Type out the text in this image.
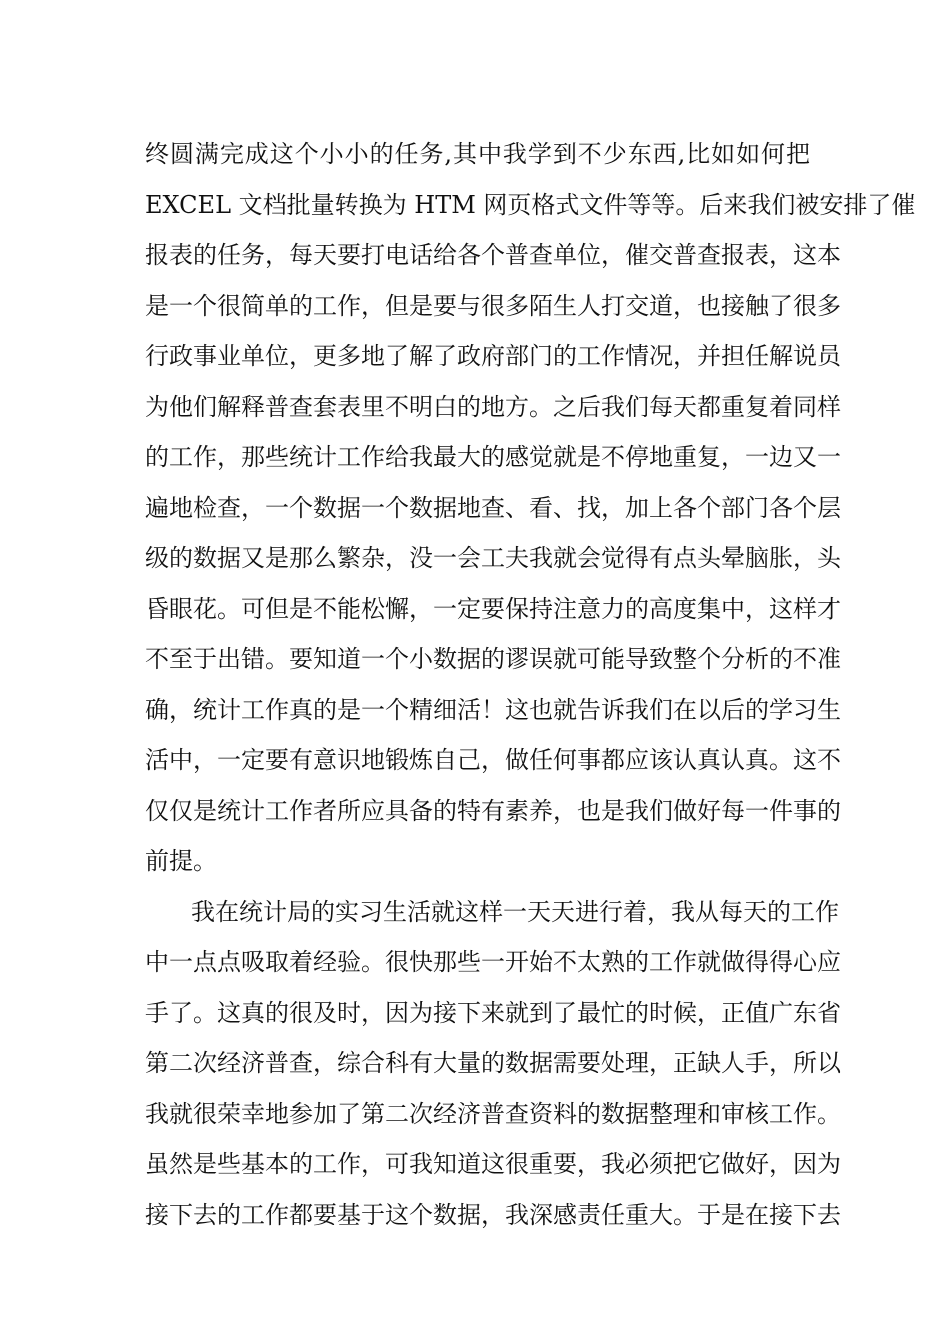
终圆满完成这个小小的任务,其中我学到不少东西,比如如何把
EXCEL 文档批量转换为 HTM 网页格式文件等等。后来我们被安排了催
报表的任务，每天要打电话给各个普查单位，催交普查报表，这本
是一个很简单的工作，但是要与很多陌生人打交道，也接触了很多
行政事业单位，更多地了解了政府部门的工作情况，并担任解说员
为他们解释普查套表里不明白的地方。之后我们每天都重复着同样
的工作，那些统计工作给我最大的感觉就是不停地重复，一边又一
遍地检查，一个数据一个数据地查、看、找，加上各个部门各个层
级的数据又是那么繁杂，没一会工夫我就会觉得有点头晕脑胀，头
昏眼花。可但是不能松懈，一定要保持注意力的高度集中，这样才
不至于出错。要知道一个小数据的谬误就可能导致整个分析的不准
确，统计工作真的是一个精细活！这也就告诉我们在以后的学习生
活中，一定要有意识地锻炼自己，做任何事都应该认真认真。这不
仅仅是统计工作者所应具备的特有素养，也是我们做好每一件事的
前提。
我在统计局的实习生活就这样一天天进行着，我从每天的工作
中一点点吸取着经验。很快那些一开始不太熟的工作就做得得心应
手了。这真的很及时，因为接下来就到了最忙的时候，正值广东省
第二次经济普查，综合科有大量的数据需要处理，正缺人手，所以
我就很荣幸地参加了第二次经济普查资料的数据整理和审核工作。
虽然是些基本的工作，可我知道这很重要，我必须把它做好，因为
接下去的工作都要基于这个数据，我深感责任重大。于是在接下去
